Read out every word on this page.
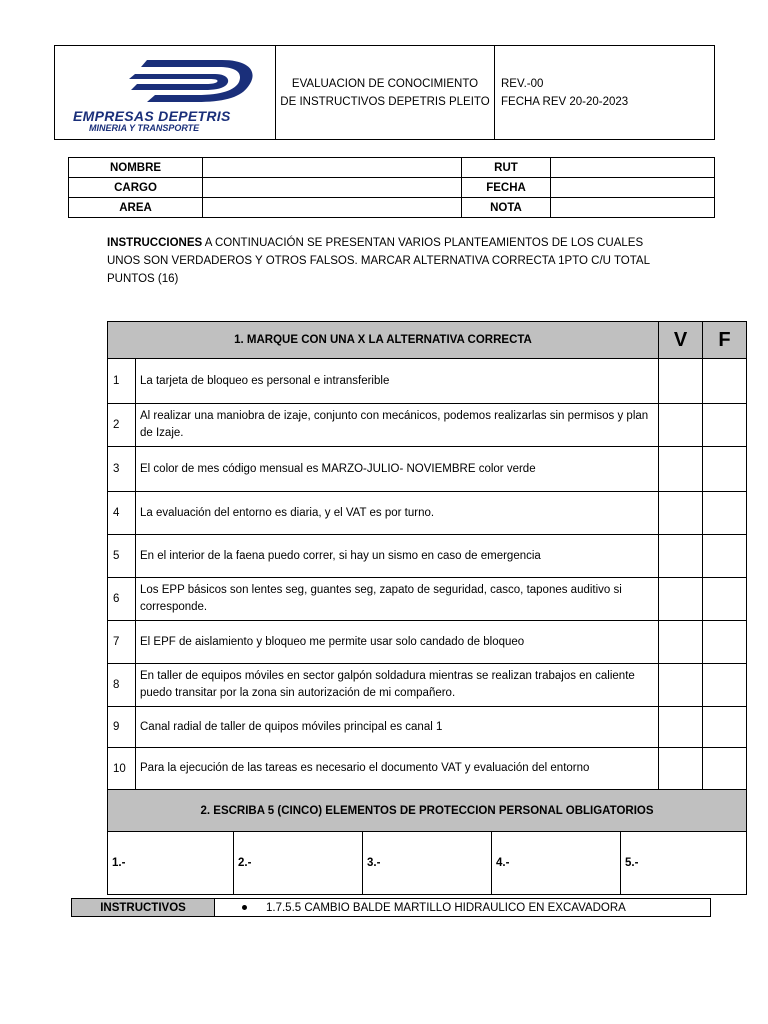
EMPRESAS DEPETRIS
MINERIA Y TRANSPORTE
EVALUACION DE CONOCIMIENTO
DE INSTRUCTIVOS DEPETRIS PLEITO
REV.-00
FECHA REV 20-20-2023
NOMBRE		RUT	
CARGO		FECHA	
AREA		NOTA	
INSTRUCCIONES A CONTINUACIÓN SE PRESENTAN VARIOS PLANTEAMIENTOS DE LOS CUALES UNOS SON VERDADEROS Y OTROS FALSOS. MARCAR ALTERNATIVA CORRECTA 1PTO C/U TOTAL PUNTOS (16)
1. MARQUE CON UNA X LA ALTERNATIVA CORRECTA	V	F
1	La tarjeta de bloqueo es personal e intransferible		
2	Al realizar una maniobra de izaje, conjunto con mecánicos, podemos realizarlas sin permisos y plan de Izaje.		
3	El color de mes código mensual es MARZO-JULIO- NOVIEMBRE color verde		
4	La evaluación del entorno es diaria, y el VAT es por turno.		
5	En el interior de la faena puedo correr, si hay un sismo en caso de emergencia		
6	Los EPP básicos son lentes seg, guantes seg, zapato de seguridad, casco, tapones auditivo si corresponde.		
7	El EPF de aislamiento y bloqueo me permite usar solo candado de bloqueo		
8	En taller de equipos móviles en sector galpón soldadura mientras se realizan trabajos en caliente puedo transitar por la zona sin autorización de mi compañero.		
9	Canal radial de taller de quipos móviles principal es canal 1		
10	Para la ejecución de las tareas es necesario el documento VAT y evaluación del entorno		
2. ESCRIBA 5 (CINCO) ELEMENTOS DE PROTECCION PERSONAL OBLIGATORIOS

1.-	2.-	3.-	4.-	5.-
INSTRUCTIVOS	1.7.5.5 CAMBIO BALDE MARTILLO HIDRAULICO EN EXCAVADORA
